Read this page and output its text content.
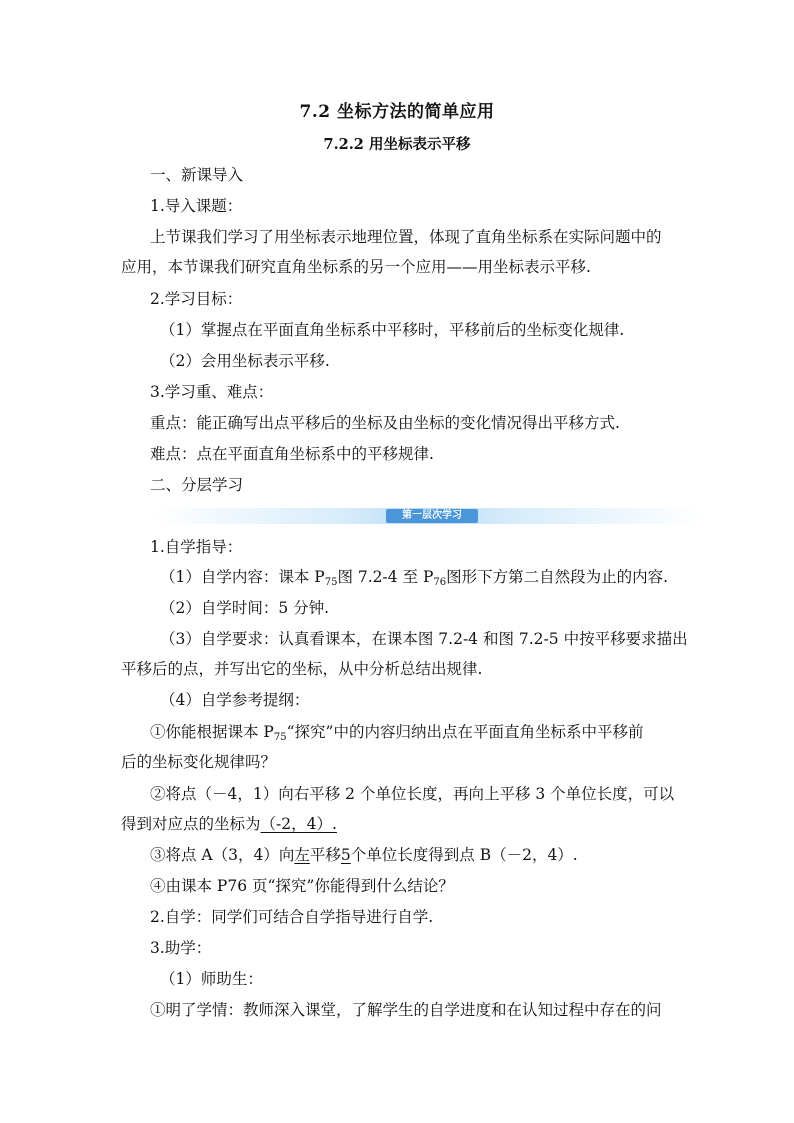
7.2 坐标方法的简单应用
7.2.2 用坐标表示平移
一、新课导入
1.导入课题：
上节课我们学习了用坐标表示地理位置，体现了直角坐标系在实际问题中的
应用，本节课我们研究直角坐标系的另一个应用——用坐标表示平移.
2.学习目标：
（1）掌握点在平面直角坐标系中平移时，平移前后的坐标变化规律.
（2）会用坐标表示平移.
3.学习重、难点：
重点：能正确写出点平移后的坐标及由坐标的变化情况得出平移方式.
难点：点在平面直角坐标系中的平移规律.
二、分层学习
第一层次学习
1.自学指导：
（1）自学内容：课本 $P_{75}$图 7.2-4 至 $P_{76}$图形下方第二自然段为止的内容.
（2）自学时间：5 分钟.
（3）自学要求：认真看课本，在课本图 7.2-4 和图 7.2-5 中按平移要求描出
平移后的点，并写出它的坐标，从中分析总结出规律.
（4）自学参考提纲：
①你能根据课本 $P_{75}“$探究”中的内容归纳出点在平面直角坐标系中平移前
后的坐标变化规律吗？
②将点（－4，1）向右平移 2 个单位长度，再向上平移 3 个单位长度，可以
得到对应点的坐标为（-2，4）.
③将点 A（3，4）向左平移5个单位长度得到点 B（－2，4）.
④由课本 P76 页“探究”你能得到什么结论？
2.自学：同学们可结合自学指导进行自学.
3.助学：
（1）师助生：
①明了学情：教师深入课堂，了解学生的自学进度和在认知过程中存在的问
